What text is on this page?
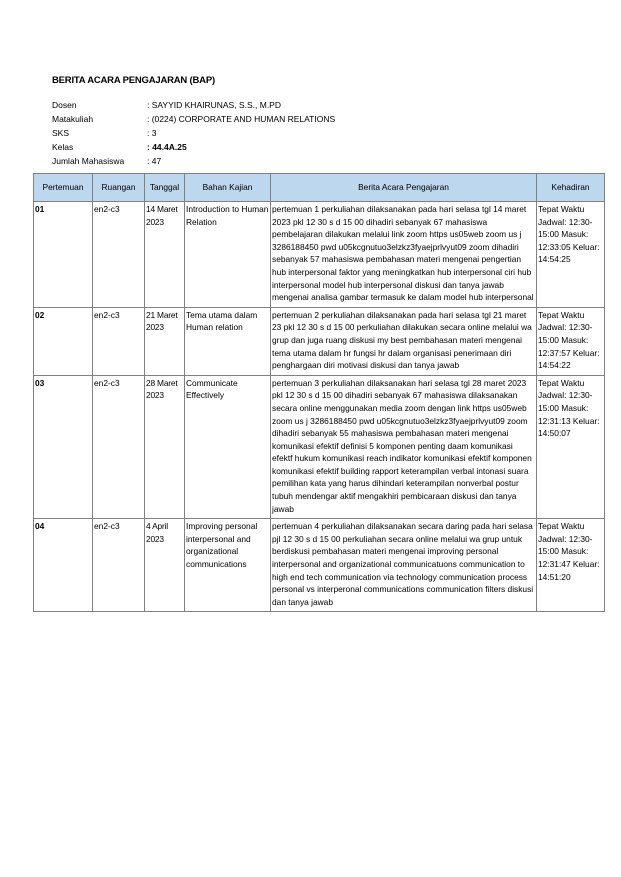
BERITA ACARA PENGAJARAN (BAP)
Dosen	: SAYYID KHAIRUNAS, S.S., M.PD
Matakuliah	: (0224) CORPORATE AND HUMAN RELATIONS
SKS	: 3
Kelas	: 44.4A.25
Jumlah Mahasiswa	: 47
Pertemuan	Ruangan	Tanggal	Bahan Kajian	Berita Acara Pengajaran	Kehadiran
01	en2-c3	14 Maret 2023	Introduction to Human Relation	pertemuan 1 perkuliahan dilaksanakan pada hari selasa tgl 14 maret 2023 pkl 12 30 s d 15 00 dihadiri sebanyak 67 mahasiswa pembelajaran dilakukan melalui link zoom https us05web zoom us j 3286188450 pwd u05kcgnutuo3elzkz3fyaejprlvyut09 zoom dihadiri sebanyak 57 mahasiswa pembahasan materi mengenai pengertian hub interpersonal faktor yang meningkatkan hub interpersonal ciri hub interpersonal model hub interpersonal diskusi dan tanya jawab mengenai analisa gambar termasuk ke dalam model hub interpersonal	Tepat Waktu Jadwal: 12:30-15:00 Masuk: 12:33:05 Keluar: 14:54:25
02	en2-c3	21 Maret 2023	Tema utama dalam Human relation	pertemuan 2 perkuliahan dilaksanakan pada hari selasa tgl 21 maret 23 pkl 12 30 s d 15 00 perkuliahan dilakukan secara online melalui wa grup dan juga ruang diskusi my best pembahasan materi mengenai tema utama dalam hr fungsi hr dalam organisasi penerimaan diri penghargaan diri motivasi diskusi dan tanya jawab	Tepat Waktu Jadwal: 12:30-15:00 Masuk: 12:37:57 Keluar: 14:54:22
03	en2-c3	28 Maret 2023	Communicate Effectively	pertemuan 3 perkuliahan dilaksanakan hari selasa tgl 28 maret 2023 pkl 12 30 s d 15 00 dihadiri sebanyak 67 mahasiswa dilaksanakan secara online menggunakan media zoom dengan link https us05web zoom us j 3286188450 pwd u05kcgnutuo3elzkz3fyaejprlvyut09 zoom dihadiri sebanyak 55 mahasiswa pembahasan materi mengenai komunikasi efektif definisi 5 komponen penting daam komunikasi efektf hukum komunikasi reach indikator komunikasi efektif komponen komunikasi efektif building rapport keterampilan verbal intonasi suara pemilihan kata yang harus dihindari keterampilan nonverbal postur tubuh mendengar aktif mengakhiri pembicaraan diskusi dan tanya jawab	Tepat Waktu Jadwal: 12:30-15:00 Masuk: 12:31:13 Keluar: 14:50:07
04	en2-c3	4 April 2023	Improving personal interpersonal and organizational communications	pertemuan 4 perkuliahan dilaksanakan secara daring pada hari selasa pjl 12 30 s d 15 00 perkuliahan secara online melalui wa grup untuk berdiskusi pembahasan materi mengenai improving personal interpersonal and organizational communicatuons communication to high end tech communication via technology communication process personal vs interperonal communications communication filters diskusi dan tanya jawab	Tepat Waktu Jadwal: 12:30-15:00 Masuk: 12:31:47 Keluar: 14:51:20
